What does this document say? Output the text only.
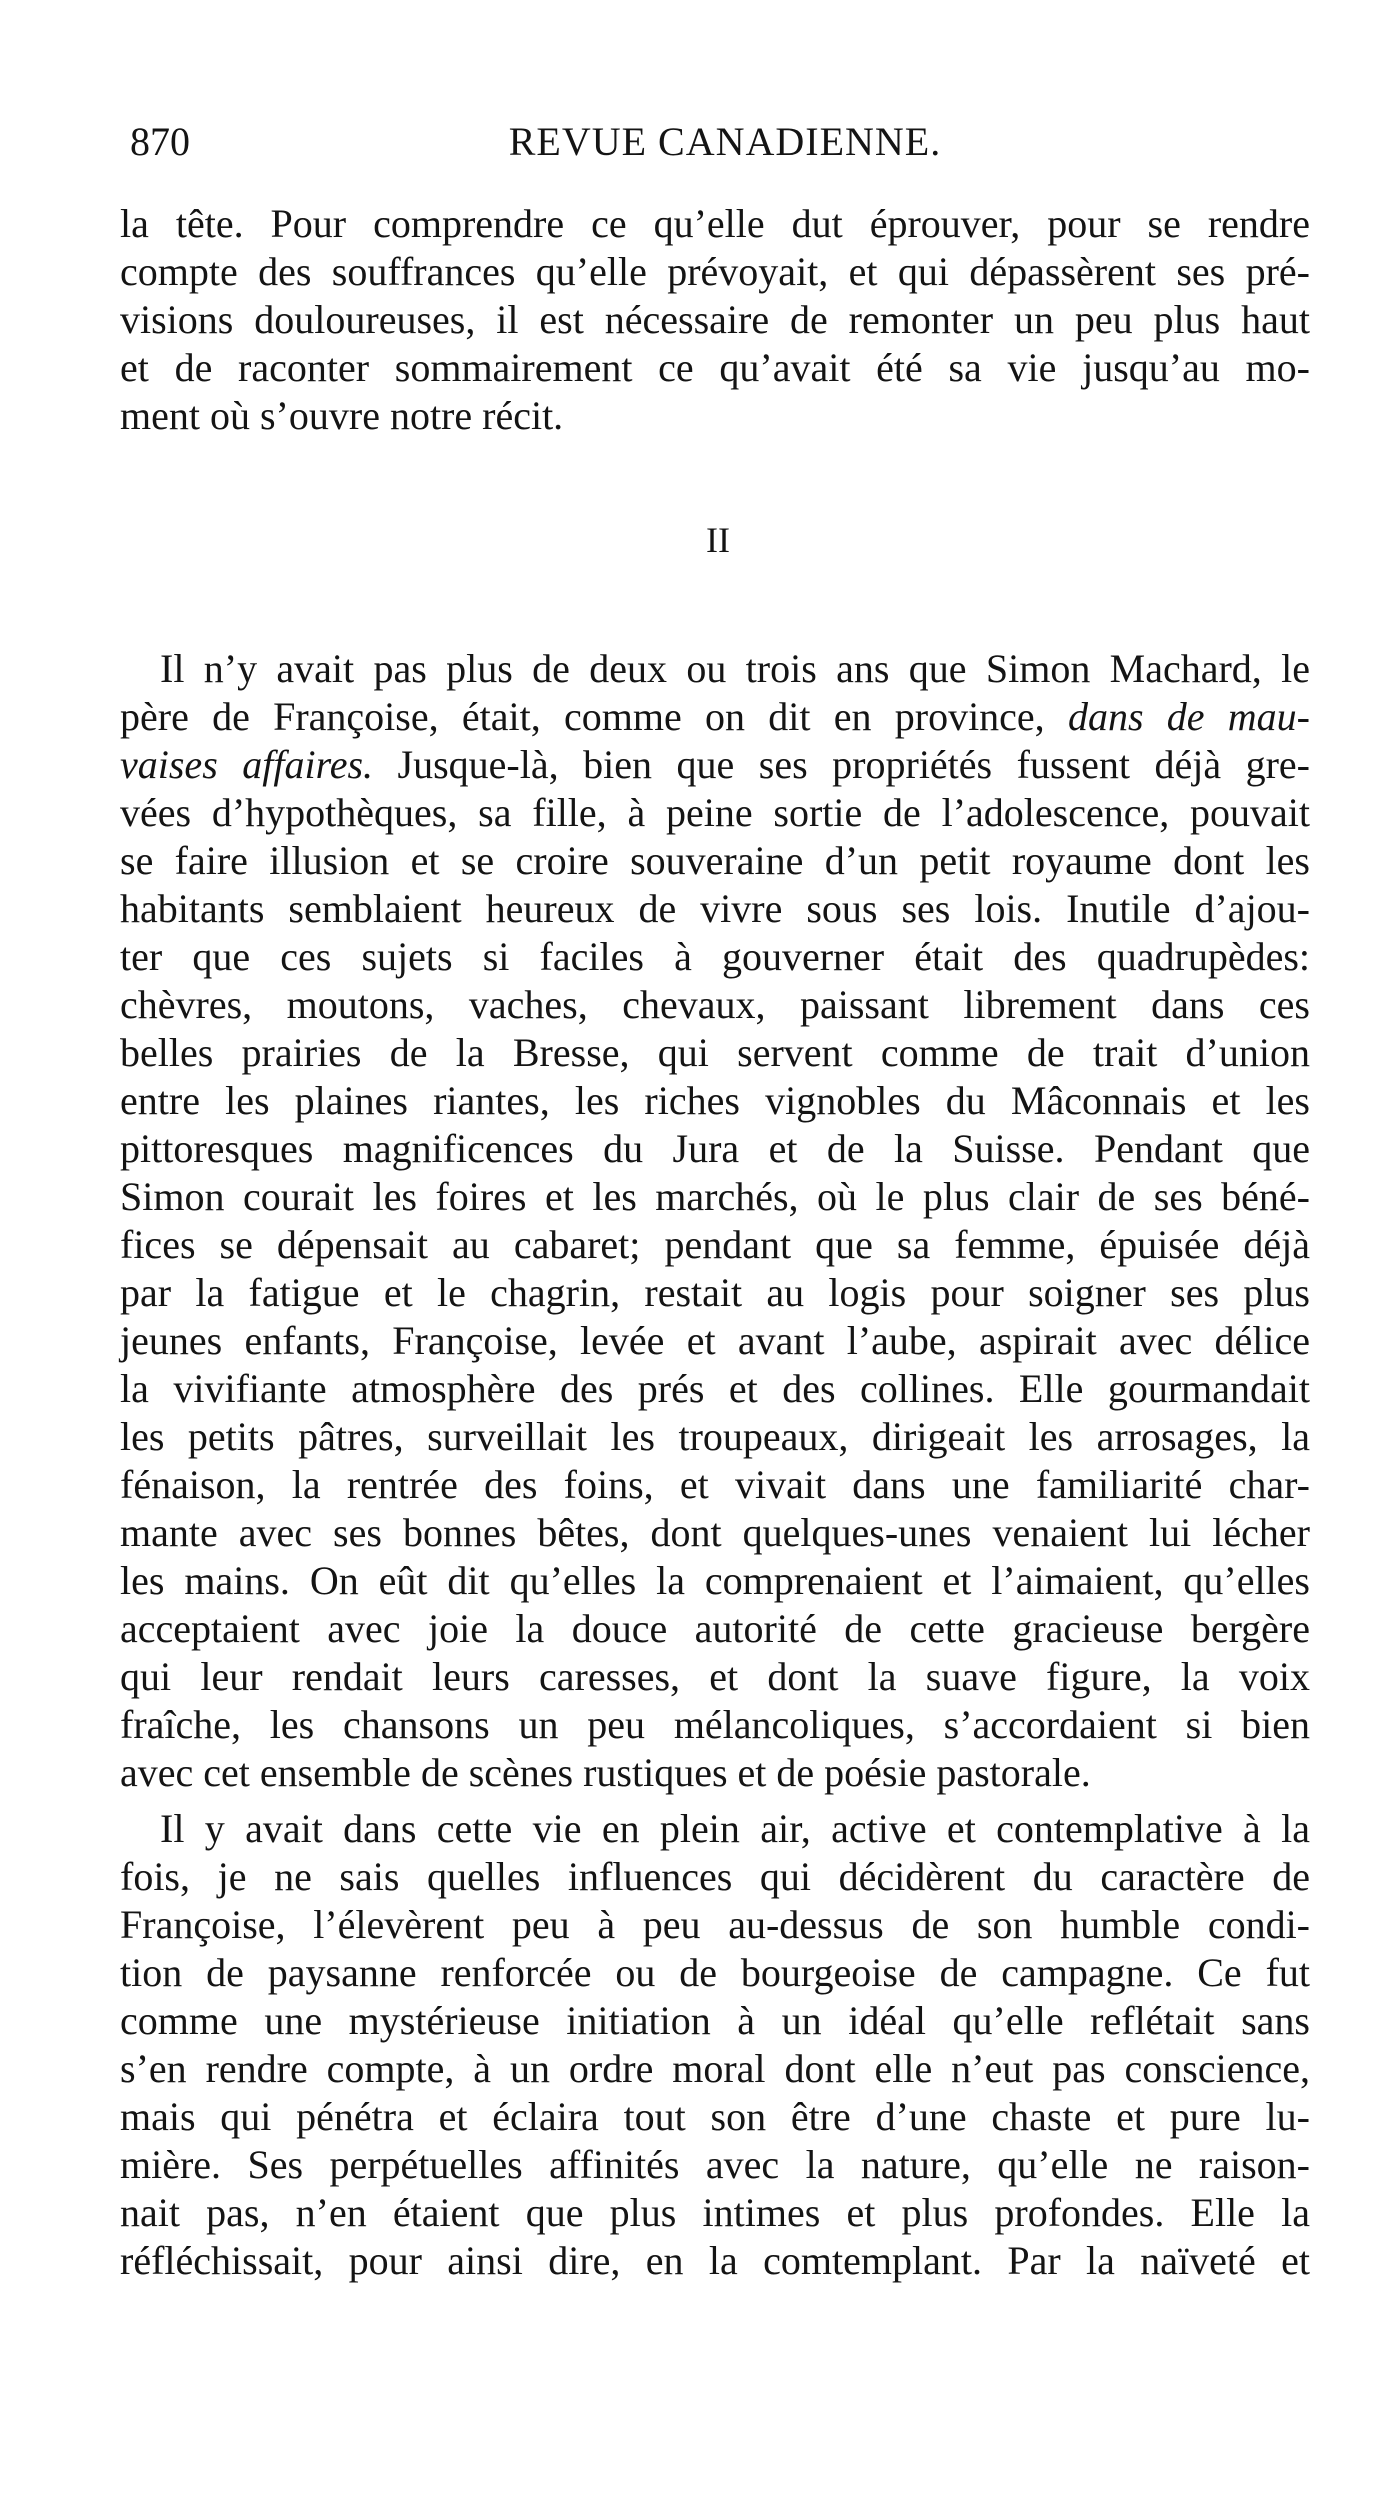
870	REVUE CANADIENNE.
la tête. Pour comprendre ce qu’elle dut éprouver, pour se rendre
compte des souffrances qu’elle prévoyait, et qui dépassèrent ses pré-
visions douloureuses, il est nécessaire de remonter un peu plus haut
et de raconter sommairement ce qu’avait été sa vie jusqu’au mo-
ment où s’ouvre notre récit.
II
Il n’y avait pas plus de deux ou trois ans que Simon Machard, le
père de Françoise, était, comme on dit en province, dans de mau-
vaises affaires. Jusque-là, bien que ses propriétés fussent déjà gre-
vées d’hypothèques, sa fille, à peine sortie de l’adolescence, pouvait
se faire illusion et se croire souveraine d’un petit royaume dont les
habitants semblaient heureux de vivre sous ses lois. Inutile d’ajou-
ter que ces sujets si faciles à gouverner était des quadrupèdes:
chèvres, moutons, vaches, chevaux, paissant librement dans ces
belles prairies de la Bresse, qui servent comme de trait d’union
entre les plaines riantes, les riches vignobles du Mâconnais et les
pittoresques magnificences du Jura et de la Suisse. Pendant que
Simon courait les foires et les marchés, où le plus clair de ses béné-
fices se dépensait au cabaret; pendant que sa femme, épuisée déjà
par la fatigue et le chagrin, restait au logis pour soigner ses plus
jeunes enfants, Françoise, levée et avant l’aube, aspirait avec délice
la vivifiante atmosphère des prés et des collines. Elle gourmandait
les petits pâtres, surveillait les troupeaux, dirigeait les arrosages, la
fénaison, la rentrée des foins, et vivait dans une familiarité char-
mante avec ses bonnes bêtes, dont quelques-unes venaient lui lécher
les mains. On eût dit qu’elles la comprenaient et l’aimaient, qu’elles
acceptaient avec joie la douce autorité de cette gracieuse bergère
qui leur rendait leurs caresses, et dont la suave figure, la voix
fraîche, les chansons un peu mélancoliques, s’accordaient si bien
avec cet ensemble de scènes rustiques et de poésie pastorale.
Il y avait dans cette vie en plein air, active et contemplative à la
fois, je ne sais quelles influences qui décidèrent du caractère de
Françoise, l’élevèrent peu à peu au-dessus de son humble condi-
tion de paysanne renforcée ou de bourgeoise de campagne. Ce fut
comme une mystérieuse initiation à un idéal qu’elle reflétait sans
s’en rendre compte, à un ordre moral dont elle n’eut pas conscience,
mais qui pénétra et éclaira tout son être d’une chaste et pure lu-
mière. Ses perpétuelles affinités avec la nature, qu’elle ne raison-
nait pas, n’en étaient que plus intimes et plus profondes. Elle la
réfléchissait, pour ainsi dire, en la comtemplant. Par la naïveté et
